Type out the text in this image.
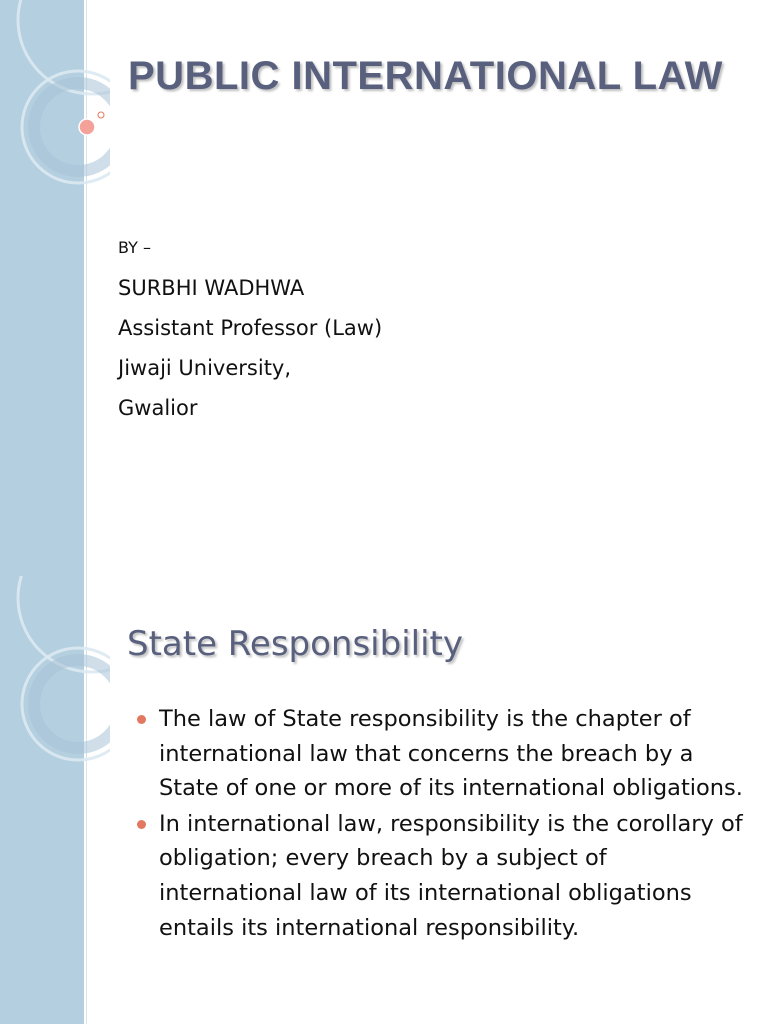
PUBLIC INTERNATIONAL LAW
BY –
SURBHI WADHWA
Assistant Professor (Law)
Jiwaji University,
Gwalior
State Responsibility
The law of State responsibility is the chapter of international law that concerns the breach by a State of one or more of its international obligations.
In international law, responsibility is the corollary of obligation; every breach by a subject of international law of its international obligations entails its international responsibility.
